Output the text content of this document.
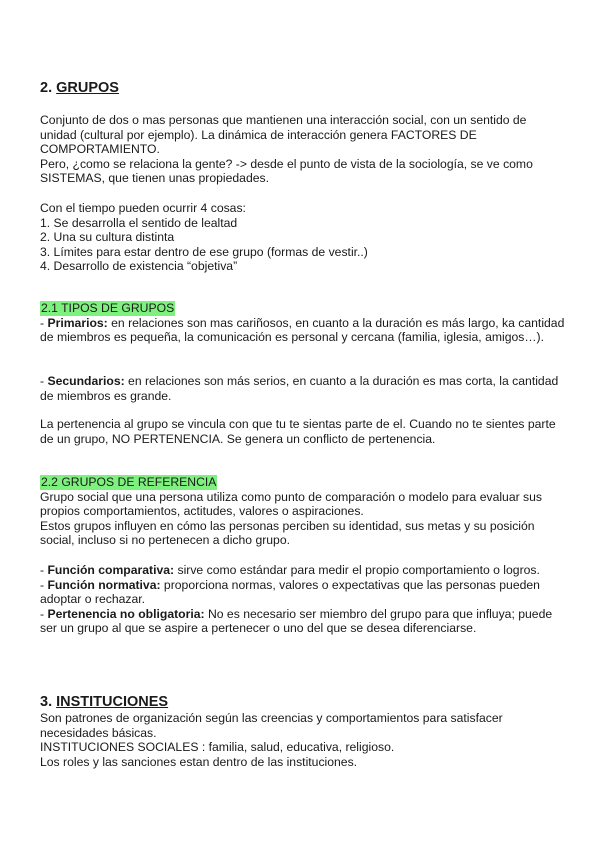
2. GRUPOS

Conjunto de dos o mas personas que mantienen una interacción social, con un sentido de unidad (cultural por ejemplo). La dinámica de interacción genera FACTORES DE COMPORTAMIENTO.

Pero, ¿como se relaciona la gente? -> desde el punto de vista de la sociología, se ve como SISTEMAS, que tienen unas propiedades.

Con el tiempo pueden ocurrir 4 cosas:

1. Se desarrolla el sentido de lealtad

2. Una su cultura distinta

3. Límites para estar dentro de ese grupo (formas de vestir..)

4. Desarrollo de existencia “objetiva”

2.1 TIPOS DE GRUPOS

- Primarios: en relaciones son mas cariñosos, en cuanto a la duración es más largo, ka cantidad de miembros es pequeña, la comunicación es personal y cercana (familia, iglesia, amigos…).

- Secundarios: en relaciones son más serios, en cuanto a la duración es mas corta, la cantidad de miembros es grande.

La pertenencia al grupo se vincula con que tu te sientas parte de el. Cuando no te sientes parte de un grupo, NO PERTENENCIA. Se genera un conflicto de pertenencia.

2.2 GRUPOS DE REFERENCIA

Grupo social que una persona utiliza como punto de comparación o modelo para evaluar sus propios comportamientos, actitudes, valores o aspiraciones.

Estos grupos influyen en cómo las personas perciben su identidad, sus metas y su posición social, incluso si no pertenecen a dicho grupo.

- Función comparativa: sirve como estándar para medir el propio comportamiento o logros.

- Función normativa: proporciona normas, valores o expectativas que las personas pueden adoptar o rechazar.

- Pertenencia no obligatoria: No es necesario ser miembro del grupo para que influya; puede ser un grupo al que se aspire a pertenecer o uno del que se desea diferenciarse.

3. INSTITUCIONES

Son patrones de organización según las creencias y comportamientos para satisfacer necesidades básicas.

INSTITUCIONES SOCIALES : familia, salud, educativa, religioso.

Los roles y las sanciones estan dentro de las instituciones.
